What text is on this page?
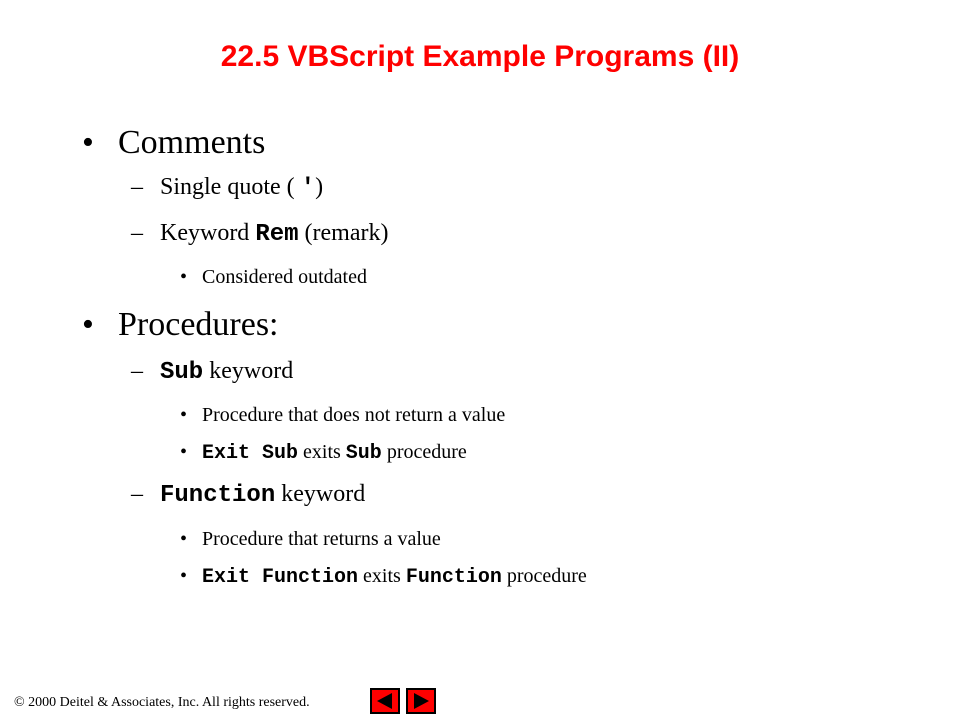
22.5 VBScript Example Programs (II)
• Comments
– Single quote ( ')
– Keyword Rem (remark)
• Considered outdated
• Procedures:
– Sub keyword
• Procedure that does not return a value
• Exit Sub exits Sub procedure
– Function keyword
• Procedure that returns a value
• Exit Function exits Function procedure
© 2000 Deitel & Associates, Inc. All rights reserved.
